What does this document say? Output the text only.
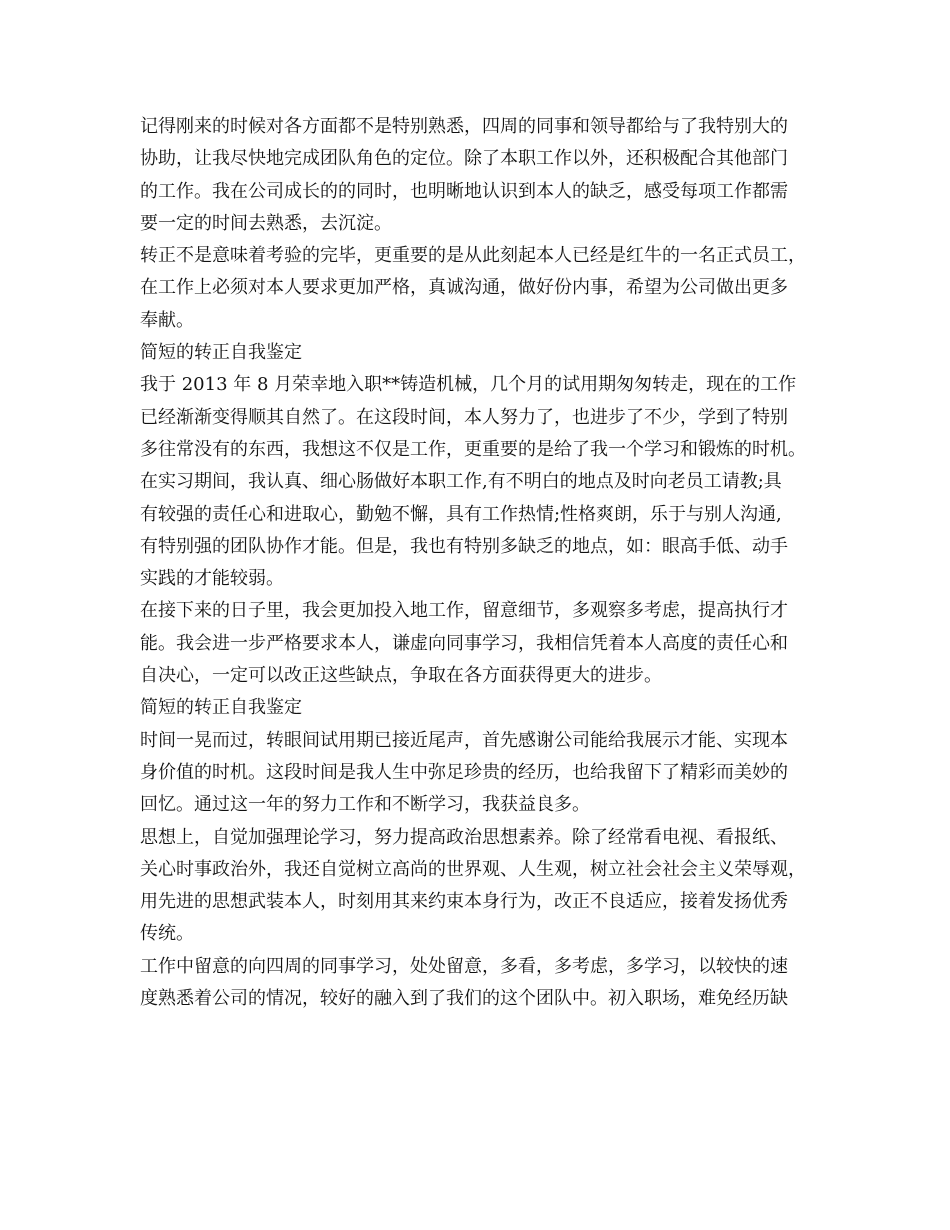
记得刚来的时候对各方面都不是特别熟悉，四周的同事和领导都给与了我特别大的
协助，让我尽快地完成团队角色的定位。除了本职工作以外，还积极配合其他部门
的工作。我在公司成长的的同时，也明晰地认识到本人的缺乏，感受每项工作都需
要一定的时间去熟悉，去沉淀。
转正不是意味着考验的完毕，更重要的是从此刻起本人已经是红牛的一名正式员工，
在工作上必须对本人要求更加严格，真诚沟通，做好份内事，希望为公司做出更多
奉献。
简短的转正自我鉴定
我于 2013 年 8 月荣幸地入职**铸造机械，几个月的试用期匆匆转走，现在的工作
已经渐渐变得顺其自然了。在这段时间，本人努力了，也进步了不少，学到了特别
多往常没有的东西，我想这不仅是工作，更重要的是给了我一个学习和锻炼的时机。
在实习期间，我认真、细心肠做好本职工作,有不明白的地点及时向老员工请教;具
有较强的责任心和进取心，勤勉不懈，具有工作热情;性格爽朗，乐于与别人沟通,
有特别强的团队协作才能。但是，我也有特别多缺乏的地点，如：眼高手低、动手
实践的才能较弱。
在接下来的日子里，我会更加投入地工作，留意细节，多观察多考虑，提高执行才
能。我会进一步严格要求本人，谦虚向同事学习，我相信凭着本人高度的责任心和
自决心，一定可以改正这些缺点，争取在各方面获得更大的进步。
简短的转正自我鉴定
时间一晃而过，转眼间试用期已接近尾声，首先感谢公司能给我展示才能、实现本
身价值的时机。这段时间是我人生中弥足珍贵的经历，也给我留下了精彩而美妙的
回忆。通过这一年的努力工作和不断学习，我获益良多。
思想上，自觉加强理论学习，努力提高政治思想素养。除了经常看电视、看报纸、
关心时事政治外，我还自觉树立高尚的世界观、人生观，树立社会社会主义荣辱观，
用先进的思想武装本人，时刻用其来约束本身行为，改正不良适应，接着发扬优秀
传统。
工作中留意的向四周的同事学习，处处留意，多看，多考虑，多学习，以较快的速
度熟悉着公司的情况，较好的融入到了我们的这个团队中。初入职场，难免经历缺
